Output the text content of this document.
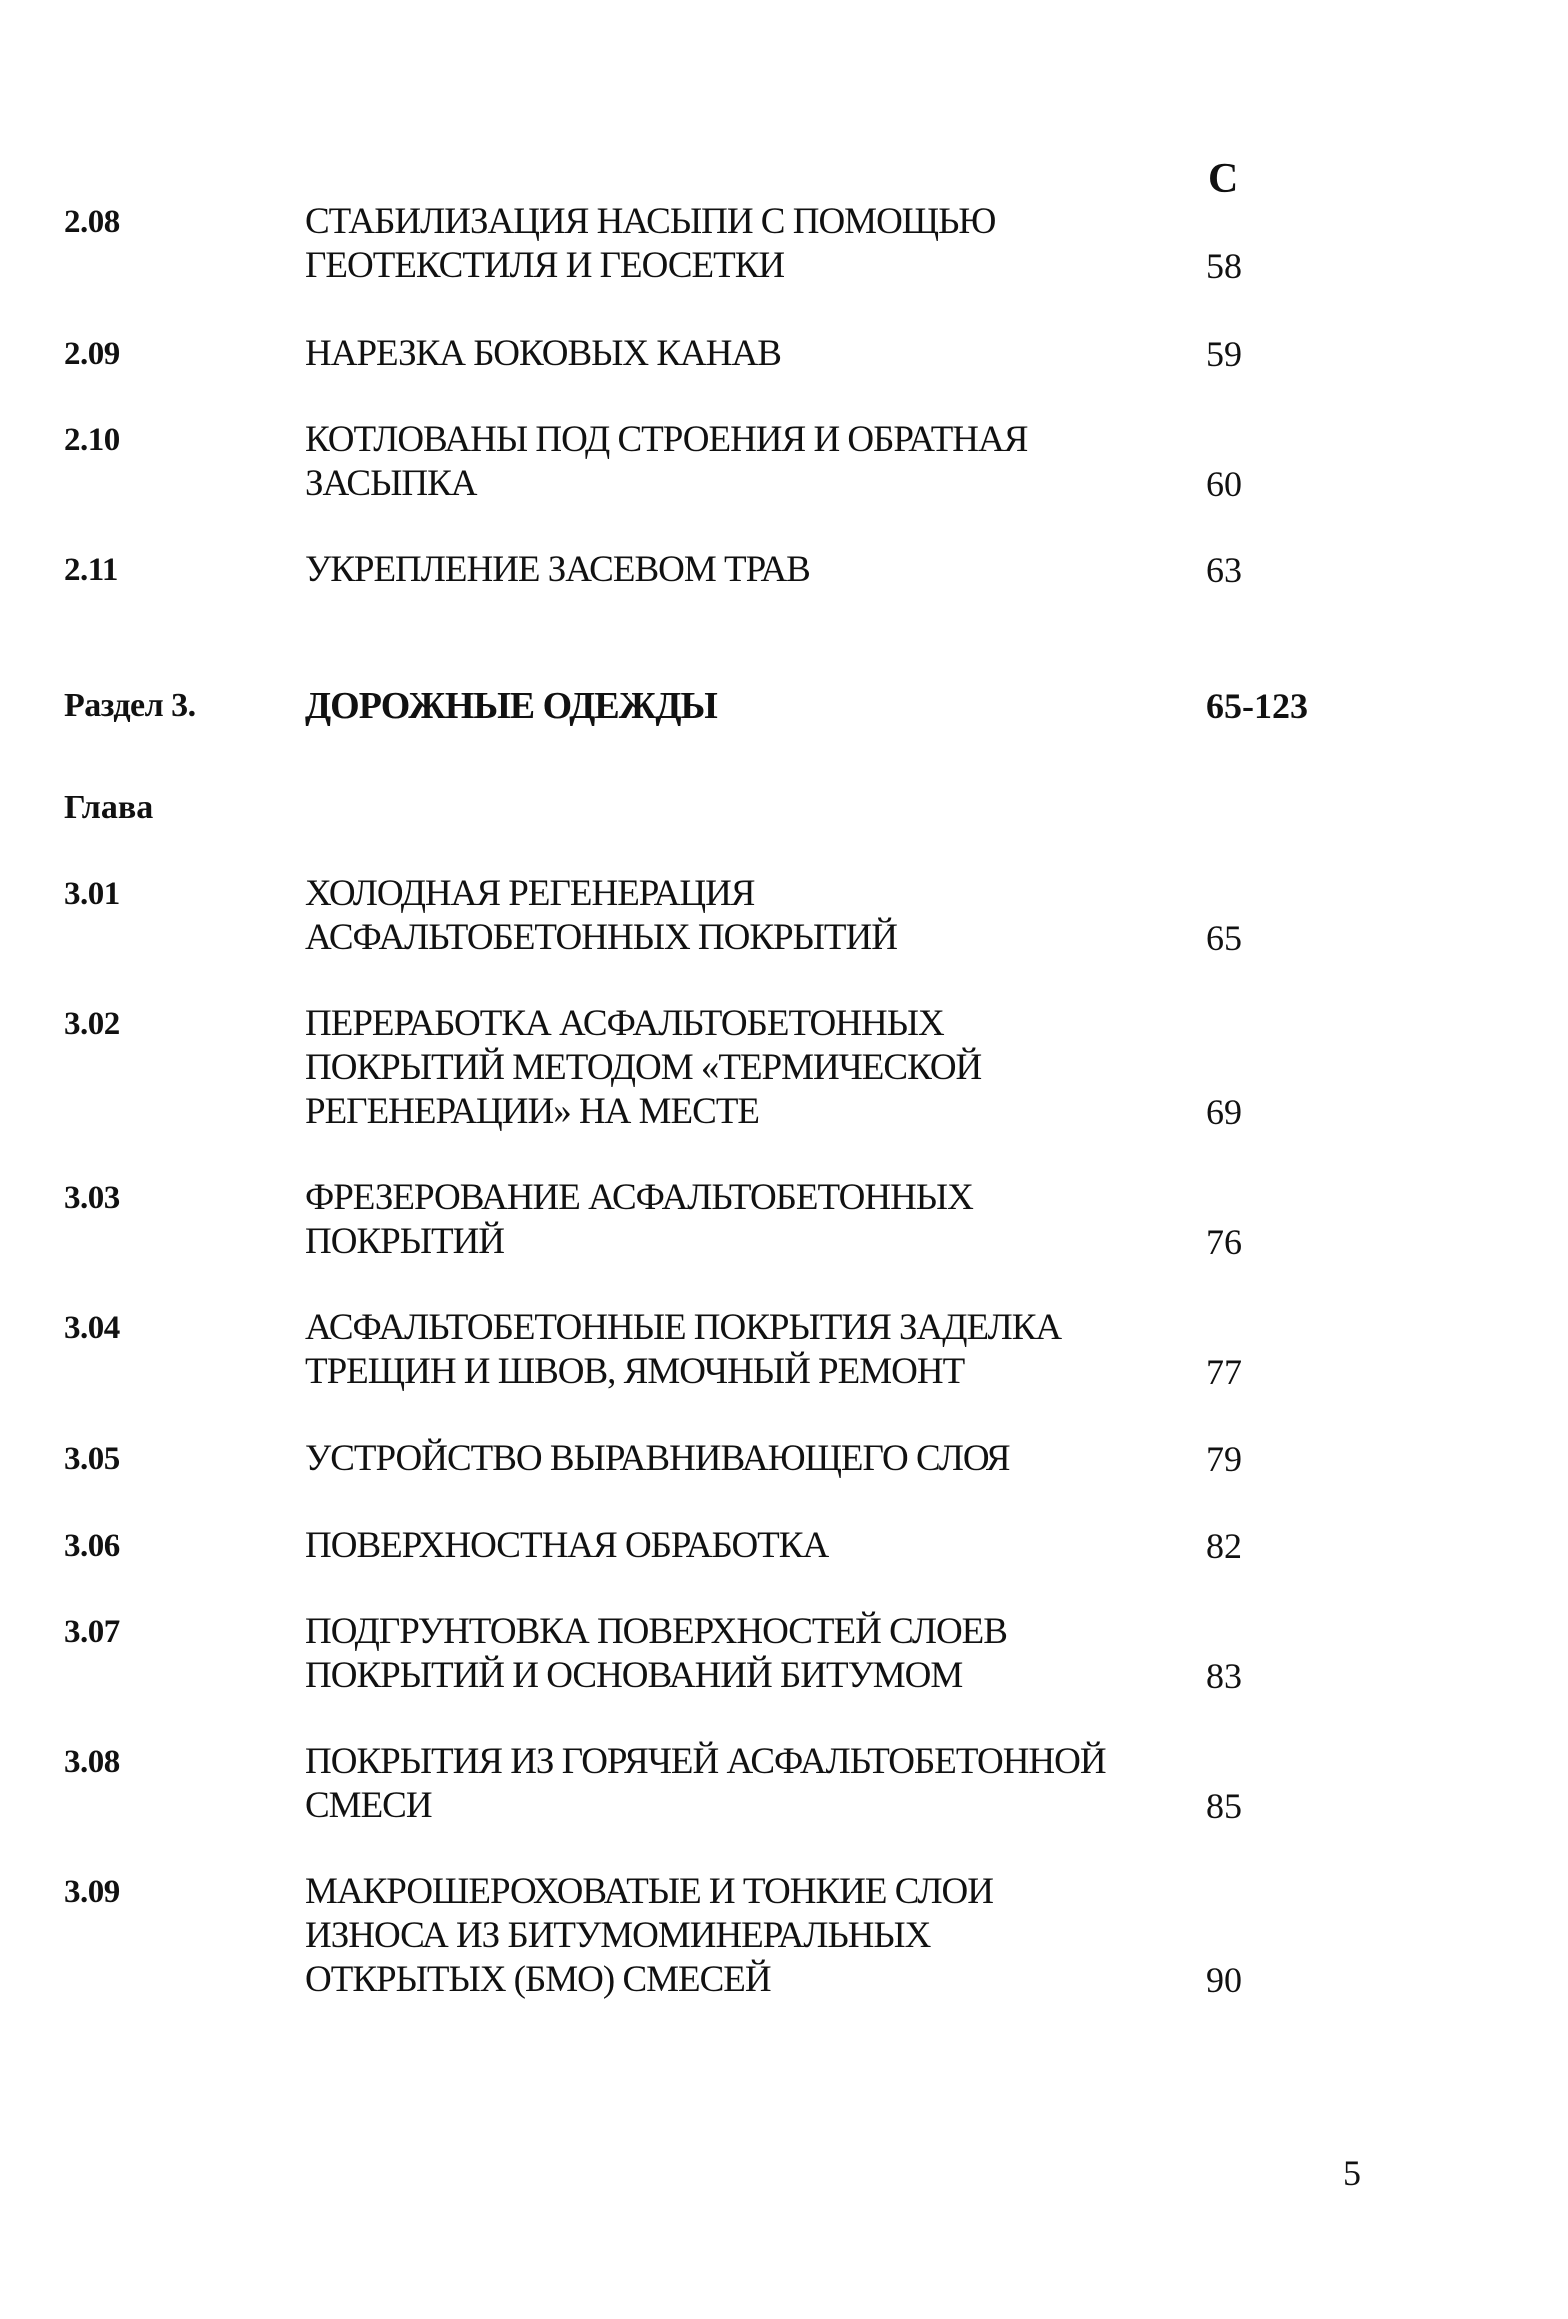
С
2.08	СТАБИЛИЗАЦИЯ НАСЫПИ С ПОМОЩЬЮ
ГЕОТЕКСТИЛЯ И ГЕОСЕТКИ	58
2.09	НАРЕЗКА БОКОВЫХ КАНАВ	59
2.10	КОТЛОВАНЫ ПОД СТРОЕНИЯ И ОБРАТНАЯ
ЗАСЫПКА	60
2.11	УКРЕПЛЕНИЕ ЗАСЕВОМ ТРАВ	63
Раздел 3.	ДОРОЖНЫЕ ОДЕЖДЫ	65-123
Глава
3.01	ХОЛОДНАЯ РЕГЕНЕРАЦИЯ
АСФАЛЬТОБЕТОННЫХ ПОКРЫТИЙ	65
3.02	ПЕРЕРАБОТКА АСФАЛЬТОБЕТОННЫХ
ПОКРЫТИЙ МЕТОДОМ «ТЕРМИЧЕСКОЙ
РЕГЕНЕРАЦИИ» НА МЕСТЕ	69
3.03	ФРЕЗЕРОВАНИЕ АСФАЛЬТОБЕТОННЫХ
ПОКРЫТИЙ	76
3.04	АСФАЛЬТОБЕТОННЫЕ ПОКРЫТИЯ ЗАДЕЛКА
ТРЕЩИН И ШВОВ, ЯМОЧНЫЙ РЕМОНТ	77
3.05	УСТРОЙСТВО ВЫРАВНИВАЮЩЕГО СЛОЯ	79
3.06	ПОВЕРХНОСТНАЯ ОБРАБОТКА	82
3.07	ПОДГРУНТОВКА ПОВЕРХНОСТЕЙ СЛОЕВ
ПОКРЫТИЙ И ОСНОВАНИЙ БИТУМОМ	83
3.08	ПОКРЫТИЯ ИЗ ГОРЯЧЕЙ АСФАЛЬТОБЕТОННОЙ
СМЕСИ	85
3.09	МАКРОШЕРОХОВАТЫЕ И ТОНКИЕ СЛОИ
ИЗНОСА ИЗ БИТУМОМИНЕРАЛЬНЫХ
ОТКРЫТЫХ (БМО) СМЕСЕЙ	90
5
